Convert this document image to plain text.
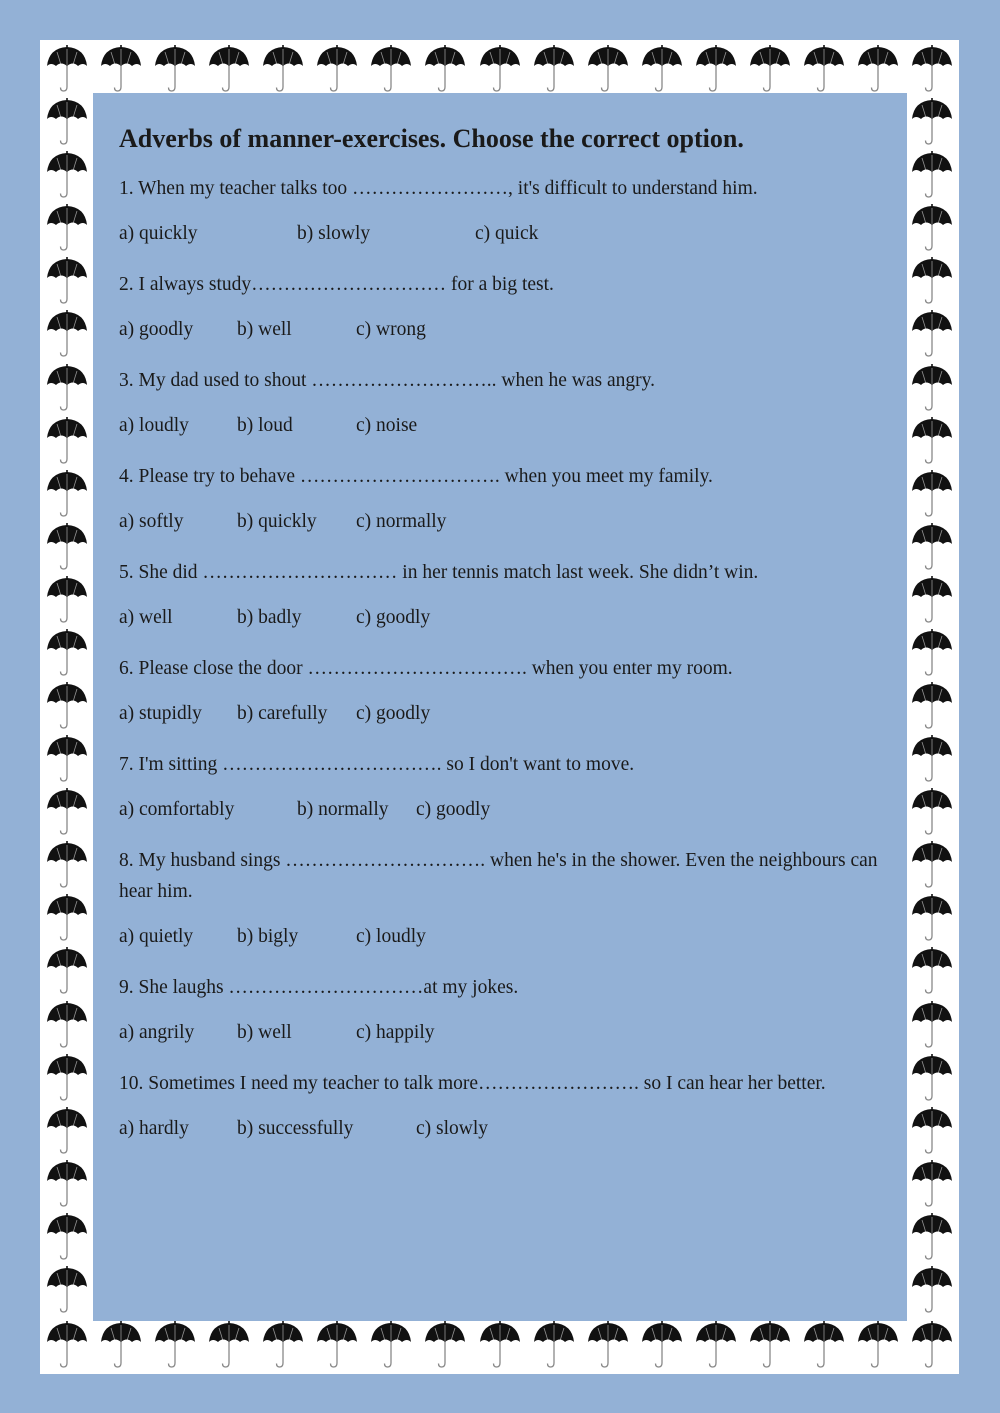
Adverbs of manner-exercises. Choose the correct option.

1. When my teacher talks too ……………………, it's difficult to understand him.

a) quickly	b) slowly	c) quick

2. I always study………………………… for a big test.

a) goodly b) well	c) wrong

3. My dad used to shout ……………………….. when he was angry.

a) loudly b) loud	c) noise

4. Please try to behave …………………………. when you meet my family.

a) softly	b) quickly c) normally

5. She did ………………………… in her tennis match last week. She didn’t win.

a) well	b) badly	c) goodly

6. Please close the door ……………………………. when you enter my room.

a) stupidly b) carefully c) goodly

7. I'm sitting ……………………………. so I don't want to move.

a) comfortably	b) normally c) goodly

8. My husband sings …………………………. when he's in the shower. Even the neighbours can hear him.

a) quietly b) bigly	c) loudly

9. She laughs …………………………at my jokes.

a) angrily b) well	c) happily

10. Sometimes I need my teacher to talk more……………………. so I can hear her better.

a) hardly b) successfully	c) slowly
